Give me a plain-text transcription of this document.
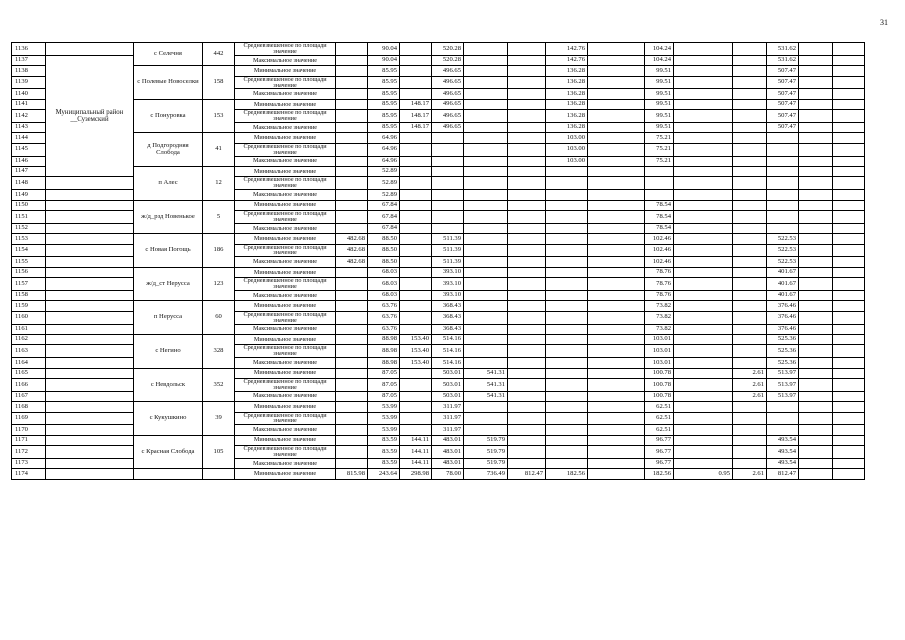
31
1136		с Селечня	442	Средневзвешенное по площади значение		90.04		520.28			142.76		104.24			531.62		
1137	Муниципальный район __Суземский			Максимальное значение		90.04		520.28			142.76		104.24			531.62		
1138		с Полевые Новоселки	158	Минимальное значение		85.95		496.65			136.28		99.51			507.47		
1139				Средневзвешенное по площади значение		85.95		496.65			136.28		99.51			507.47		
1140				Максимальное значение		85.95		496.65			136.28		99.51			507.47		
1141		с Понуровка	153	Минимальное значение		85.95	148.17	496.65			136.28		99.51			507.47		
1142				Средневзвешенное по площади значение		85.95	148.17	496.65			136.28		99.51			507.47		
1143				Максимальное значение		85.95	148.17	496.65			136.28		99.51			507.47		
1144		д Подгородняя Слобода	41	Минимальное значение		64.96					103.00		75.21					
1145				Средневзвешенное по площади значение		64.96					103.00		75.21					
1146				Максимальное значение		64.96					103.00		75.21					
1147		п Алес	12	Минимальное значение		52.89												
1148				Средневзвешенное по площади значение		52.89												
1149				Максимальное значение		52.89												
1150		ж/д_рзд Новенькое	5	Минимальное значение		67.84							78.54					
1151				Средневзвешенное по площади значение		67.84							78.54					
1152				Максимальное значение		67.84							78.54					
1153		с Новая Погощь	186	Минимальное значение	482.68	88.50		511.39					102.46			522.53		
1154				Средневзвешенное по площади значение	482.68	88.50		511.39					102.46			522.53		
1155				Максимальное значение	482.68	88.50		511.39					102.46			522.53		
1156		ж/д_ст Нерусса	123	Минимальное значение		68.03		393.10					78.76			401.67		
1157				Средневзвешенное по площади значение		68.03		393.10					78.76			401.67		
1158				Максимальное значение		68.03		393.10					78.76			401.67		
1159		п Нерусса	60	Минимальное значение		63.76		368.43					73.82			376.46		
1160				Средневзвешенное по площади значение		63.76		368.43					73.82			376.46		
1161				Максимальное значение		63.76		368.43					73.82			376.46		
1162		с Негино	328	Минимальное значение		88.98	153.40	514.16					103.01			525.36		
1163				Средневзвешенное по площади значение		88.98	153.40	514.16					103.01			525.36		
1164				Максимальное значение		88.98	153.40	514.16					103.01			525.36		
1165		с Невдольск	352	Минимальное значение		87.05		503.01	541.31				100.78		2.61	513.97		
1166				Средневзвешенное по площади значение		87.05		503.01	541.31				100.78		2.61	513.97		
1167				Максимальное значение		87.05		503.01	541.31				100.78		2.61	513.97		
1168		с Кукушкино	39	Минимальное значение		53.99		311.97					62.51					
1169				Средневзвешенное по площади значение		53.99		311.97					62.51					
1170				Максимальное значение		53.99		311.97					62.51					
1171		с Красная Слобода	105	Минимальное значение		83.59	144.11	483.01	519.79				96.77			493.54		
1172				Средневзвешенное по площади значение		83.59	144.11	483.01	519.79				96.77			493.54		
1173				Максимальное значение		83.59	144.11	483.01	519.79				96.77			493.54		
1174				Минимальное значение	815.98	243.64	298.98	78.00	736.49	812.47	182.56		182.56	0.95	2.61	812.47		
